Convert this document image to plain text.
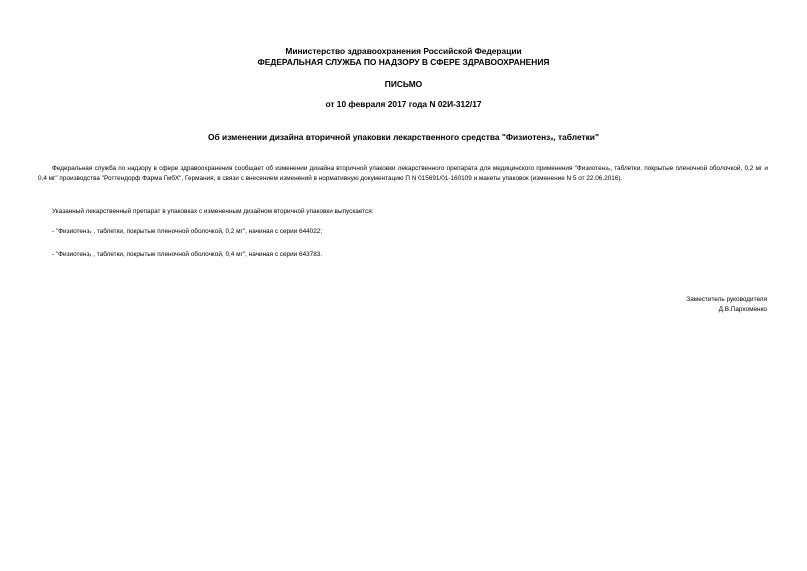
Министерство здравоохранения Российской Федерации
ФЕДЕРАЛЬНАЯ СЛУЖБА ПО НАДЗОРУ В СФЕРЕ ЗДРАВООХРАНЕНИЯ
ПИСЬМО
от 10 февраля 2017 года N 02И-312/17
Об изменении дизайна вторичной упаковки лекарственного средства "Физиотензₓ, таблетки"

Федеральная служба по надзору в сфере здравоохранения сообщает об изменении дизайна вторичной упаковки лекарственного препарата для медицинского применения "Физиотензₓ, таблетки, покрытые пленочной оболочкой, 0,2 мг и 0,4 мг" производства "Роттендорф Фарма ГмбХ", Германия, в связи с внесением изменений в нормативную документацию П N 015691/01-160109 и макеты упаковок (изменение N 5 от 22.06.2016).

Указанный лекарственный препарат в упаковках с измененным дизайном вторичной упаковки выпускается:

- "Физиотензₓ , таблетки, покрытые пленочной оболочкой, 0,2 мг", начиная с серии 644022;
- "Физиотензₓ , таблетки, покрытые пленочной оболочкой, 0,4 мг", начиная с серии 643783.
Заместитель руководителя
Д.В.Пархоменко
